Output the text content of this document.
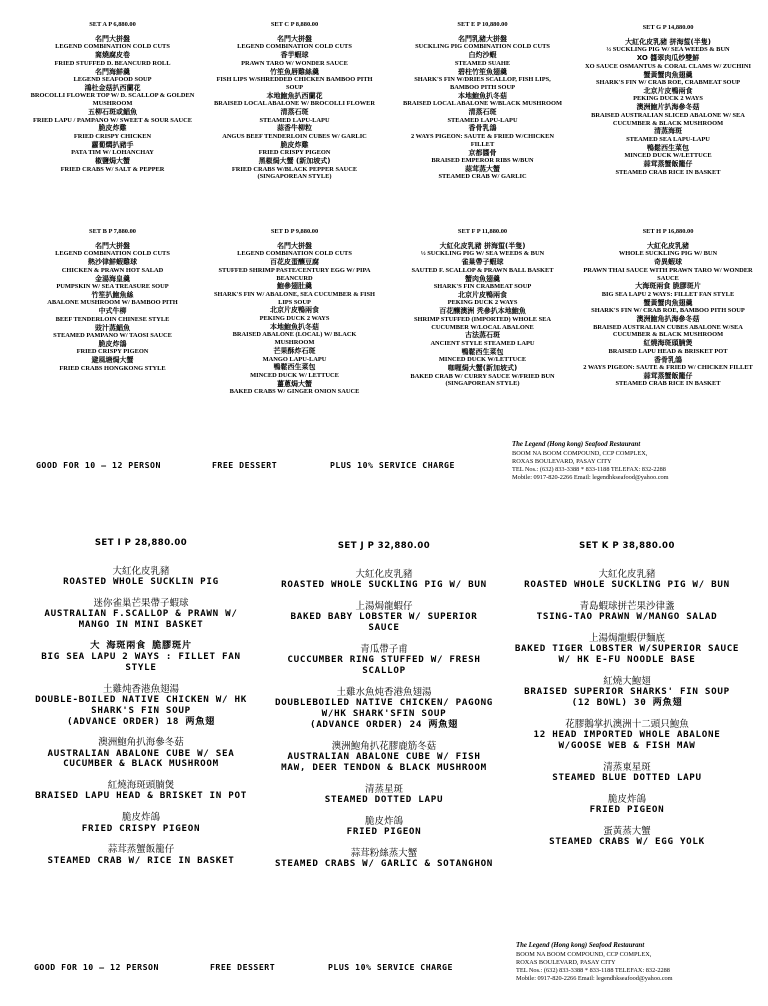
SET A P 6,880.00
名門大拼盤
LEGEND COMBINATION COLD CUTS
窩燒腐皮卷
FRIED STUFFED D. BEANCURD ROLL
名門海鮮羹
LEGEND SEAFOOD SOUP
鴻杜金菇扒西蘭花
BROCOLLI FLOWER TOP W/ D. SCALLOP & GOLDEN MUSHROOM
五柳石斑或鯧魚
FRIED LAPU / PAMPANO W/ SWEET & SOUR SAUCE
脆皮炸雞
FRIED CRISPY CHICKEN
蘿蔔燜扒豬手
PATA TIM W/ LOHANCHAY
椒鹽焗大蟹
FRIED CRABS W/ SALT & PEPPER
SET C P 8,880.00
名門大拼盤
LEGEND COMBINATION COLD CUTS
香芋蝦球
PRAWN TARO W/ WONDER SAUCE
竹笙魚唇雞絲羹
FISH LIPS W/SHREDDED CHICKEN BAMBOO PITH SOUP
本地鮑魚扒西蘭花
BRAISED LOCAL ABALONE W/ BROCOLLI FLOWER
清蒸石斑
STEAMED LAPU-LAPU
蒜香牛柳粒
ANGUS BEEF TENDERLOIN CUBES W/ GARLIC
脆皮炸雞
FRIED CRISPY PIGEON
黑椒焗大蟹 (新加坡式)
FRIED CRABS W/BLACK PEPPER SAUCE (SINGAPOREAN STYLE)
SET E P 10,880.00
名門乳豬大拼盤
SUCKLING PIG COMBINATION COLD CUTS
白灼沙蝦
STEAMED SUAHE
碧柱竹笙魚翅羹
SHARK'S FIN W/DRIES SCALLOP, FISH LIPS, BAMBOO PITH SOUP
本地鮑魚扒冬菇
BRAISED LOCAL ABALONE W/BLACK MUSHROOM
清蒸石斑
STEAMED LAPU-LAPU
香骨乳鴿
2 WAYS PIGEON: SAUTE & FRIED W/CHICKEN FILLET
京都醬骨
BRAISED EMPEROR RIBS W/BUN
蒜茸蒸大蟹
STEAMED CRAB W/ GARLIC
SET G P 14,880.00
大紅化皮乳豬 拼海蜇(半隻)
½ SUCKLING PIG W/ SEA WEEDS & BUN
XO 醬翠肉瓜炒雙鮮
XO SAUCE OSMANTUS & CORAL CLAMS W/ ZUCHINI
蟹黃蟹肉魚翅羹
SHARK'S FIN W/ CRAB ROE, CRABMEAT SOUP
北京片皮鴨兩食
PEKING DUCK 2 WAYS
澳洲鮑片扒海參冬菇
BRAISED AUSTRALIAN SLICED ABALONE W/ SEA CUCUMBER & BLACK MUSHROOM
清蒸海斑
STEAMED SEA LAPU-LAPU
鴨鬆西生菜包
MINCED DUCK W/LETTUCE
蒜茸蒸蟹飯籠仔
STEAMED CRAB RICE IN BASKET
SET B P 7,880.00
名門大拼盤
LEGEND COMBINATION COLD CUTS
熱沙律鮮蝦雞球
CHICKEN & PRAWN HOT SALAD
金湯海皇羹
PUMPSKIN W/ SEA TREASURE SOUP
竹笙扒鮑魚絲
ABALONE MUSHROOM W/ BAMBOO PITH
中式牛柳
BEEF TENDERLOIN CHINESE STYLE
豉汁蒸鯧魚
STEAMED PAMPANO W/ TAOSI SAUCE
脆皮炸鴿
FRIED CRISPY PIGEON
避風塘焗大蟹
FRIED CRABS HONGKONG STYLE
SET D P 9,880.00
名門大拼盤
LEGEND COMBINATION COLD CUTS
百花皮蛋釀豆腐
STUFFED SHRIMP PASTE/CENTURY EGG W/ PIPA BEANCURD
鮑參翅肚羹
SHARK'S FIN W/ ABALONE, SEA CUCUMBER & FISH LIPS SOUP
北京片皮鴨兩食
PEKING DUCK 2 WAYS
本地鮑魚扒冬菇
BRAISED ABALONE (LOCAL) W/ BLACK MUSHROOM
芒果酥炸石斑
MANGO LAPU-LAPU
鴨鬆西生菜包
MINCED DUCK W/ LETTUCE
薑蔥焗大蟹
BAKED CRABS W/ GINGER ONION SAUCE
SET F P 11,880.00
大紅化皮乳豬 拼海蜇(半隻)
½ SUCKLING PIG W/ SEA WEEDS & BUN
雀巢帶子蝦球
SAUTED F. SCALLOP & PRAWN BALL BASKET
蟹肉魚翅羹
SHARK'S FIN CRABMEAT SOUP
北京片皮鴨兩食
PEKING DUCK 2 WAYS
百花釀澳洲 秃參扒本地鮑魚
SHRIMP STUFFED (IMPORTED) WHOLE SEA CUCUMBER W/LOCAL ABALONE
古法蒸石斑
ANCIENT STYLE STEAMED LAPU
鴨鬆西生菜包
MINCED DUCK W/LETTUCE
咖喱焗大蟹(新加坡式)
BAKED CRAB W/ CURRY SAUCE W/FRIED BUN (SINGAPOREAN STYLE)
SET H P 16,880.00
大紅化皮乳豬
WHOLE SUCKLING PIG W/ BUN
奇異蝦球
PRAWN THAI SAUCE WITH PRAWN TARO W/ WONDER SAUCE
大海斑兩食 脆膠斑片
BIG SEA LAPU 2 WAYS: FILLET FAN STYLE
蟹黃蟹肉魚翅羹
SHARK'S FIN W/ CRAB ROE, BAMBOO PITH SOUP
澳洲鮑角扒海參冬菇
BRAISED AUSTRALIAN CUBES ABALONE W/SEA CUCUMBER & BLACK MUSHROOM
紅燒海斑頭腩煲
BRAISED LAPU HEAD & BRISKET POT
香骨乳鴿
2 WAYS PIGEON: SAUTE & FRIED W/ CHICKEN FILLET
蒜茸蒸蟹飯籠仔
STEAMED CRAB RICE IN BASKET
GOOD FOR 10 – 12 PERSON	FREE DESSERT	PLUS 10% SERVICE CHARGE
The Legend (Hong kong) Seafood Restaurant
BOOM NA BOOM COMPOUND, CCP COMPLEX,
ROXAS BOULEVARD, PASAY CITY
TEL Nos.: (632) 833-3388 * 833-1188 TELEFAX: 832-2288
Mobile: 0917-820-2266 Email: legendhkseafood@yahoo.com
SET I P 28,880.00
大紅化皮乳豬
ROASTED WHOLE SUCKLIN PIG
迷你雀巢芒果帶子蝦球
AUSTRALIAN F.SCALLOP & PRAWN W/ MANGO IN MINI BASKET
大 海斑兩食 脆膠斑片
BIG SEA LAPU 2 WAYS : FILLET FAN STYLE
土雞炖香港魚翅湯
DOUBLE-BOILED NATIVE CHICKEN W/ HK SHARK'S FIN SOUP
(ADVANCE ORDER) 18 两魚翅
澳洲鮑角扒海參冬菇
AUSTRALIAN ABALONE CUBE W/ SEA CUCUMBER & BLACK MUSHROOM
紅燒海斑頭腩煲
BRAISED LAPU HEAD & BRISKET IN POT
脆皮炸鴿
FRIED CRISPY PIGEON
蒜茸蒸蟹飯籠仔
STEAMED CRAB W/ RICE IN BASKET
SET J P 32,880.00
大紅化皮乳豬
ROASTED WHOLE SUCKLING PIG W/ BUN
上湯焗龍蝦仔
BAKED BABY LOBSTER W/ SUPERIOR SAUCE
青瓜帶子甫
CUCCUMBER RING STUFFED W/ FRESH SCALLOP
土雞水魚炖香港魚翅湯
DOUBLEBOILED NATIVE CHICKEN/ PAGONG W/HK SHARK'SFIN SOUP
(ADVANCE ORDER) 24 两魚翅
澳洲鮑角扒花膠鹿筋冬菇
AUSTRALIAN ABALONE CUBE W/ FISH MAW, DEER TENDON & BLACK MUSHROOM
清蒸星斑
STEAMED DOTTED LAPU
脆皮炸鴿
FRIED PIGEON
蒜茸粉絲蒸大蟹
STEAMED CRABS W/ GARLIC & SOTANGHON
SET K P 38,880.00
大紅化皮乳豬
ROASTED WHOLE SUCKLING PIG W/ BUN
青島蝦球拼芒果沙律盞
TSING-TAO PRAWN W/MANGO SALAD
上湯焗龍蝦伊麵底
BAKED TIGER LOBSTER W/SUPERIOR SAUCE W/ HK E-FU NOODLE BASE
紅燒大鮑翅
BRAISED SUPERIOR SHARKS' FIN SOUP
(12 BOWL) 30 两魚翅
花膠鵝掌扒澳洲十二頭只鮑魚
12 HEAD IMPORTED WHOLE ABALONE W/GOOSE WEB & FISH MAW
清蒸東星斑
STEAMED BLUE DOTTED LAPU
脆皮炸鴿
FRIED PIGEON
蛋黃蒸大蟹
STEAMED CRABS W/ EGG YOLK
GOOD FOR 10 – 12 PERSON	FREE DESSERT	PLUS 10% SERVICE CHARGE
The Legend (Hong kong) Seafood Restaurant
BOOM NA BOOM COMPOUND, CCP COMPLEX,
ROXAS BOULEVARD, PASAY CITY
TEL Nos.: (632) 833-3388 * 833-1188 TELEFAX: 832-2288
Mobile: 0917-820-2266 Email: legendhkseafood@yahoo.com
